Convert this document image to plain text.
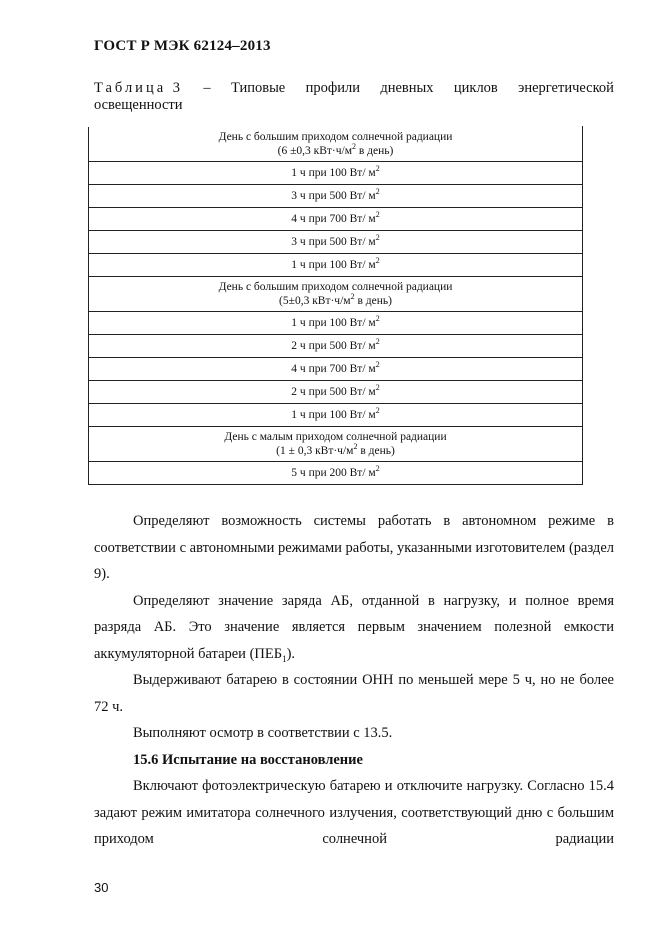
ГОСТ Р МЭК 62124–2013
Таблица 3 – Типовые профили дневных циклов энергетической
освещенности
День с большим приходом солнечной радиации
(6 ±0,3 $кВт\cdot ч/м^2$ в день)
1 ч при 100 Вт/ $м^2$
3 ч при 500 Вт/ $м^2$
4 ч при 700 Вт/ $м^2$
3 ч при 500 Вт/ $м^2$
1 ч при 100 Вт/ $м^2$
День с большим приходом солнечной радиации
(5±0,3 $кВт\cdot ч/м^2$ в день)
1 ч при 100 Вт/ $м^2$
2 ч при 500 Вт/ $м^2$
4 ч при 700 Вт/ $м^2$
2 ч при 500 Вт/ $м^2$
1 ч при 100 Вт/ $м^2$
День с малым приходом солнечной радиации
(1 ± 0,3 $кВт\cdot ч/м^2$ в день)
5 ч при 200 Вт/ $м^2$

Определяют возможность системы работать в автономном режиме в соответствии с автономными режимами работы, указанными изготовителем (раздел 9).

Определяют значение заряда АБ, отданной в нагрузку, и полное время разряда АБ. Это значение является первым значением полезной емкости аккумуляторной батареи $(ПЕБ_1)$.

Выдерживают батарею в состоянии ОНН по меньшей мере 5 ч, но не более 72 ч.

Выполняют осмотр в соответствии с 13.5.

15.6 Испытание на восстановление

Включают фотоэлектрическую батарею и отключите нагрузку. Согласно 15.4 задают режим имитатора солнечного излучения, соответствующий дню с большим приходом солнечной радиации

30
